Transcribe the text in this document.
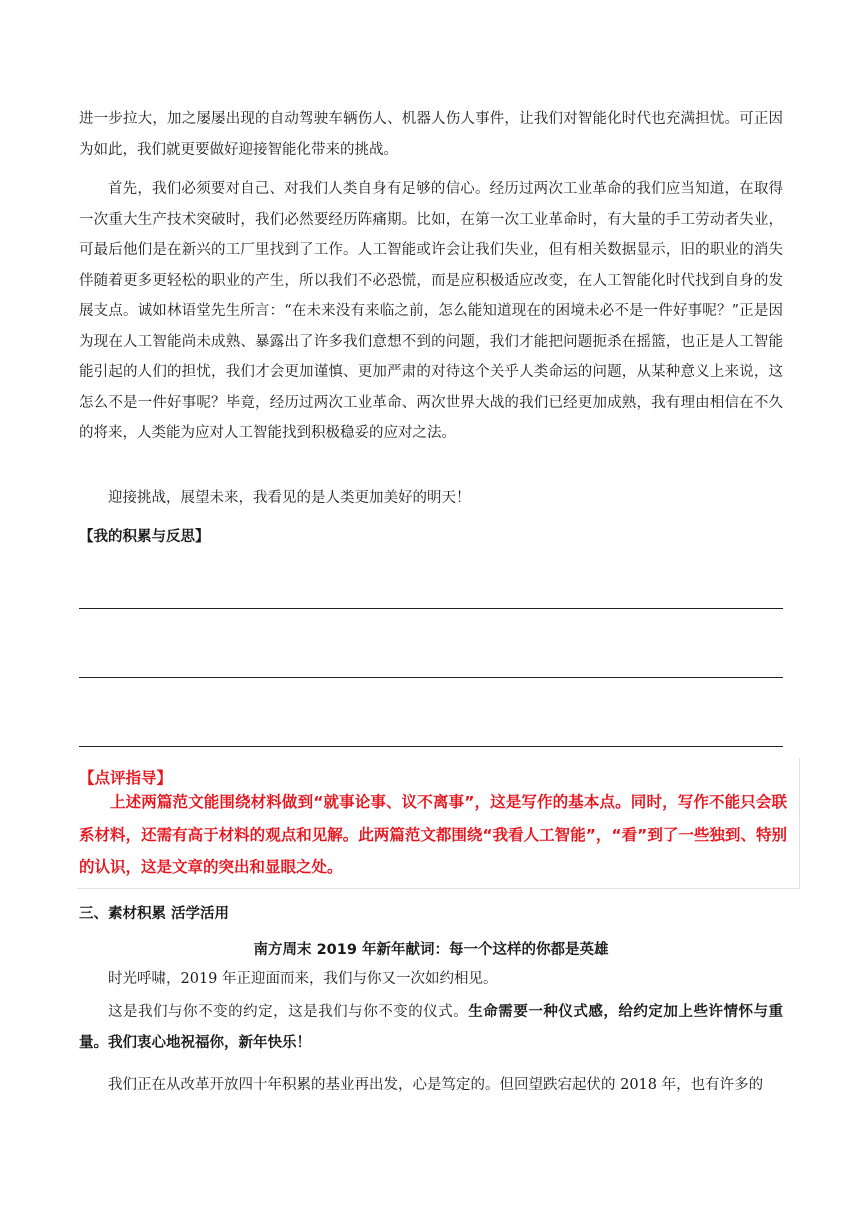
进一步拉大，加之屡屡出现的自动驾驶车辆伤人、机器人伤人事件，让我们对智能化时代也充满担忧。可正因为如此，我们就更要做好迎接智能化带来的挑战。

首先，我们必须要对自己、对我们人类自身有足够的信心。经历过两次工业革命的我们应当知道，在取得一次重大生产技术突破时，我们必然要经历阵痛期。比如，在第一次工业革命时，有大量的手工劳动者失业，可最后他们是在新兴的工厂里找到了工作。人工智能或许会让我们失业，但有相关数据显示，旧的职业的消失伴随着更多更轻松的职业的产生，所以我们不必恐慌，而是应积极适应改变，在人工智能化时代找到自身的发展支点。诚如林语堂先生所言：“在未来没有来临之前，怎么能知道现在的困境未必不是一件好事呢？”正是因为现在人工智能尚未成熟、暴露出了许多我们意想不到的问题，我们才能把问题扼杀在摇篮，也正是人工智能能引起的人们的担忧，我们才会更加谨慎、更加严肃的对待这个关乎人类命运的问题，从某种意义上来说，这怎么不是一件好事呢？毕竟，经历过两次工业革命、两次世界大战的我们已经更加成熟，我有理由相信在不久的将来，人类能为应对人工智能找到积极稳妥的应对之法。

迎接挑战，展望未来，我看见的是人类更加美好的明天！

【我的积累与反思】

【点评指导】

上述两篇范文能围绕材料做到“就事论事、议不离事”，这是写作的基本点。同时，写作不能只会联系材料，还需有高于材料的观点和见解。此两篇范文都围绕“我看人工智能”，“看”到了一些独到、特别的认识，这是文章的突出和显眼之处。

三、素材积累 活学活用

南方周末 2019 年新年献词：每一个这样的你都是英雄

时光呼啸，2019 年正迎面而来，我们与你又一次如约相见。

这是我们与你不变的约定，这是我们与你不变的仪式。生命需要一种仪式感，给约定加上些许情怀与重量。我们衷心地祝福你，新年快乐！

我们正在从改革开放四十年积累的基业再出发，心是笃定的。但回望跌宕起伏的 2018 年，也有许多的
